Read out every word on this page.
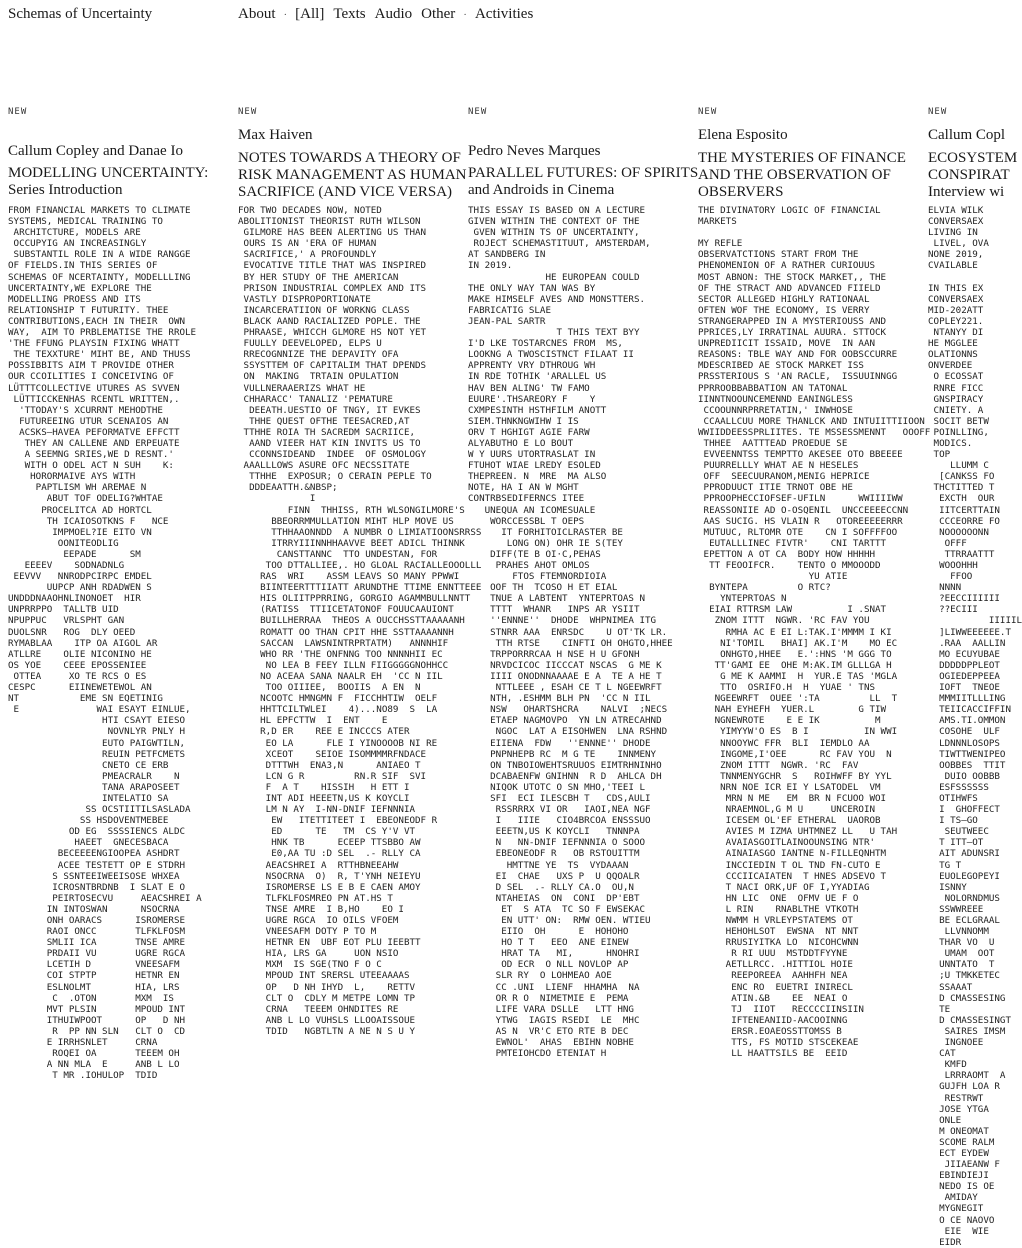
Schemas of Uncertainty	About · [All] Texts Audio Other · Activities
NEW
Callum Copley and Danae Io
MODELLING UNCERTAINTY:
Series Introduction
FROM FINANCIAL MARKETS TO CLIMATE
SYSTEMS, MEDICAL TRAINING TO
ARCHITCTURE, MODELS ARE
OCCUPYIG AN INCREASINGLY
SUBSTANTIL ROLE IN A WIDE RANGGE
OF FIELDS.IN THIS SERIES OF
SCHEMAS OF NCERTAINTY, MODELLLING
UNCERTAINTY,WE EXPLORE THE
MODELLING PROESS AND ITS
RELATIONSHIP T FUTURITY. THEE
CONTRIBUTIONS,EACH IN THEIR  OWN
WAY,  AIM TO PRBLEMATISE THE RROLE
'THE FFUNG PLAYSIN FIXING WHATT
THE TEXXTURE' MIHT BE, AND THUSS
POSSIBBITS AIM T PROVIDE OTHER
OUR CCOILITIES I CONCEIVING OF
LÜTTTCOLLECTIVE UTURES AS SVVEN
LÜTTICCKENHAS RCENTL WRITTEN,.
'TTODAY'S XCURRNT MEHODTHE
FUTUREEING UTUR SCENAIOS AN
ACSKS—HAVEA PEFORMATVE EFFCTT
THEY AN CALLENE AND ERPEUATE
A SEEMNG SRIES,WE D RESNT.'
WITH O ODEL ACT N SUH    K:
HORORMAIVE AYS WITH
PAPTLISM WH AREMAE N
ABUT TOF ODELIG?WHTAE
PROCELITCA AD HORTCL
TH ICAIOSOTKNS F   NCE
IMPMOEL?IE EITO VN
OONITEODLIG
EEPADE      SM
EEEEV    SODNADNLG
EEVVV   NNRODPCIRPC EMDEL
UUPCP ANH RDADWEN S
UNDDDNAAOHNLINONOET  HIR
UNPRRPPO  TALLTB UID
NPUPPUC   VRLSPHT GAN
DUOLSNR   ROG  DLY OEED
RYMABLAA    ITP OA AIGOL AR
ATLLRE    OLIE NICONINO HE
OS YOE    CEEE EPOSSENIEE
OTTEA     XO TE RCS O ES
CESPC      EIINEWETEWOL AN
NT           EME SN EQETINIG
E              WAI ESAYT EINLUE,
HTI CSAYT EIESO
NOVNLYR PNLY H
EUTO PAIGWTILN,
REUIN PETFCMETS
CNETO CE ERB
PMEACRALR    N
TANA ARAPOSEET
INTELATIO SA
SS OCSTIITILSASLADA
SS HSDOVENTMEBEE
OD EG  SSSSIENCS ALDC
HAEET  GNECESBACA
BECEEEENGIOOPEA ASHDRT
ACEE TESTETT OP E STDRH
S SSNTEEIWEEISOSE WHXEA
ICROSNTBRDNB  I SLAT E O
PEIRTOSECVU     AEACSHREI A
IN INTOSWAN      NSOCRNA
ONH OARACS      ISROMERSE
RAOI ONCC       TLFKLFOSM
SMLII ICA       TNSE AMRE
PRDAII VU       UGRE RGCA
LCETIH D        VNEESAFM
COI STPTP       HETNR EN
ESLNOLMT        HIA, LRS
C  .OTON       MXM  IS
MVT PLSIN       MPOUD INT
ITHUIWPOOT      OP   D NH
R  PP NN SLN   CLT O  CD
E IRRHSNLET     CRNA
ROQEI OA       TEEEM OH
A NN MLA  E     ANB L LO
T MR .IOHULOP  TDID
NEW
Max Haiven
NOTES TOWARDS A THEORY OF
RISK MANAGEMENT AS HUMAN
SACRIFICE (AND VICE VERSA)
FOR TWO DECADES NOW, NOTED
ABOLITIONIST THEORIST RUTH WILSON
GILMORE HAS BEEN ALERTING US THAN
OURS IS AN 'ERA OF HUMAN
SACRIFICE,' A PROFOUNDLY
EVOCATIVE TITLE THAT WAS INSPIRED
BY HER STUDY OF THE AMERICAN
PRISON INDUSTRIAL COMPLEX AND ITS
VASTLY DISPROPORTIONATE
INCARCERATIION OF WORKNG CLASS
BLACK AAND RACIALIZED POPLE. THE
PHRAASE, WHICCH GLMORE HS NOT YET
FUULLY DEEVELOPED, ELPS U
RRECOGNNIZE THE DEPAVITY OFA
SSYSTTEM OF CAPITALIM THAT DPENDS
ON  MAKING  TRTAIN OPULATION
VULLNERAAERIZS WHAT HE
CHHARACC' TANALIZ 'PEMATURE
DEEATH.UESTIO OF TNGY, IT EVKES
THHE QUEST OFTHE TEESACRED,AT
TTHHE ROIA TH SACREDM SACRIICE,
AAND VIEER HAT KIN INVITS US TO
CCONNSIDEAND  INDEE  OF OSMOLOGY
AAALLLOWS ASURE OFC NECSSITATE
TTHHE  EXPOSUR; O CERAIN PEPLE TO
DDDEAATTH.&NBSP;
I
FINN  THHISS, RTH WLSONGILMORE'S
BBEORRMMULLATION MIHT HLP MOVE US
TTHHAAONNDD  A NUMBR O LIMIATIOONSRRSS
ITRRYIIINNHHAAVVE BEET ADICL THINNK
CANSTTANNC  TTO UNDESTAN, FOR
TOO DTTALLIEE,. HO GLOAL RACIALLEOOOLLL
RAS  WRI    ASSM LEAVS SO MANY PPWWI
BIINTEERTTTIIATT ARUNDTHE TTIME ENNTTEEE
HIS OLIITPPRRING, GORGIO AGAMMBULLNNTT
(RATISS  TTIICETATONOF FOUUCAAUIONT
BUILLHERRAA  THEOS A OUCCHSSTTAAAAANH
ROMATT OO THAN CPIT HHE SSTTAAAANNH
SACCAN  LAWSNINTRPRTATM)   ANNNHIF
WHO RR 'THE ONFNNG TOO NNNNHII EC
NO LEA B FEEY ILLN FIIGGGGGNOHHCC
NO ACEAA SANA NAALR EH  'CC N IIL
TOO OIIIEE,  BOOIIS  A EN  N
NCOOTC HMNGMN F  FICCHHTIW  OELF
HHTTCILTWLEI    4)...NO89  S  LA
HL EPFCTTW  I  ENT    E
R,D ER    REE E INCCCS ATER
EO LA      FLE I YINOOOOB NI RE
XCEOT    SEIOE ISOMMMMRFNDACE
DTTTWH  ENA3,N      ANIAEO T
LCN G R         RN.R SIF  SVI
F  A T    HISSIH   H ETT I
INT ADI HEEETN,US K KOYCLI
LM N AY  I-NN-DNIF IEFNNNIA
EW   ITETTITEET I  EBEONEODF R
ED      TE   TM  CS Y'V VT
HNK TB      ECEEP TTSBBO AW
E0,AA TU :D SEL  .- RLLY CA
AEACSHREI A  RTTHBNEEAHW
NSOCRNA  O)  R, T'YNH NEIEYU
ISROMERSE LS E B E CAEN AMOY
TLFKLFOSMREO PN AT.HS T
TNSE AMRE  I B,HO    EO I
UGRE RGCA  IO OILS VFOEM
VNEESAFM DOTY P TO M
HETNR EN  UBF EOT PLU IEEBTT
HIA, LRS GA     UON NSIO
MXM  IS SGE(TNO F O C
MPOUD INT SRERSL UTEEAAAAS
OP   D NH IHYD  L,    RETTV
CLT O  CDLY M METPE LOMN TP
CRNA   TEEEM OHNDITES RE
ANB L LO VUHSLS LLOOAISSOUE
TDID   NGBTLTN A NE N S U Y
NEW
Pedro Neves Marques
PARALLEL FUTURES: OF SPIRITS
and Androids in Cinema
THIS ESSAY IS BASED ON A LECTURE
GIVEN WITHIN THE CONTEXT OF THE
GVEN WITHIN TS OF UNCERTAINTY,
ROJECT SCHEMASTITUUT, AMSTERDAM,
AT SANDBERG IN
IN 2019.
HE EUROPEAN COULD
THE ONLY WAY TAN WAS BY
MAKE HIMSELF AVES AND MONSTTERS.
FABRICATIG SLAE
JEAN-PAL SARTR
T THIS TEXT BYY
I'D LKE TOSTARCNES FROM  MS,
LOOKNG A TWOSCISTNCT FILAAT II
APPRENTY VRY DTHROUG WH
IN RDE TOTHIK 'ARALLEL US
HAV BEN ALING' TW FAMO
EUURE'.THSAREORY F    Y
CXMPESINTH HSTHFILM ANOTT
SIEM.THNKNGWIHW I IS
ORV T HGHIGT AGIE FARW
ALYABUTHO E LO BOUT
W Y UURS UTORTRASLAT IN
FTUHOT WIAE LREDY ESOLED
THEPREEN. N  MRE  MA ALSO
NOTE, HA I AN W MGHT
CONTRBSEDIFERNCS ITEE
UNEQUA AN ICOMESUALE
WORCCESSBL T OEPS
IT FORHITOICLRASTER BE
LONG ON) OHR IE S(TEY
DIFF(TE B OI·C,PEHAS
PRAHES AHOT OMLOS
FTOS FTEMNORDIOIA
OOF TH  TCOSO H ET EIAL
TNUE A LABTENT  YNTEPRTOAS N
TTTT  WHANR   INPS AR YSIIT
''ENNNE''  DHODE  WHPNIMEA ITG
STNRR AAA  ENRSDC    U OT'TK LR.
TTH RTSE    CINFTI OH OHGTO,HHEE
TRPPORRRCAA H NSE H U GFONH
NRVDCICOC IICCCAT NSCAS  G ME K
IIII ONODNNAAAAE E A  TE A HE T
NTTLEEE , ESAH CE T L NGEEWRFT
NTH, .ESHMM BLH PN  'CC N IIL
NSW   OHARTSHCRA    NALVI  ;NECS
ETAEP NAGMOVPO  YN LN ATRECAHND
NGOC  LAT A EISOHWEN  LNA RSHND
EIIENA  FDW   ''ENNNE'' DHODE
PNPNHEPB RC  M G TE    INNMENY
ON TNBOIOWEHTSRUUOS EIMTRHNINHO
DCABAENFW GNIHNN  R D  AHLCA DH
NIQOK UTOTC O SN MHO,'TEEI L
SFI  ECI ILESCBH T   CDS,AULI
RSSRRRX VI OR   IAOI,NEA NGF
I   IIIE   CIO4BRCOA ENSSSUO
EEETN,US K KOYCLI   TNNNPA
N   NN-DNIF IEFNNNIA O SOOO
EBEONEODF R   OB RSTOUITTM
HMTTNE YE  TS  VYDAAAN
EI  CHAE   UXS P  U QQOALR
D SEL  .- RLLY CA.O  OU,N
NTAHEIAS  ON  CONI  DP'EBT
ET  S ATA  TC SO F EWSEKAC
EN UTT' ON:  RMW OEN. WTIEU
EIIO  OH      E  HOHOHO
HO T T   EEO  ANE EINEW
HRAT TA   MI,      HNOHRI
OD ECR  O NLL NOVLOP AP
SLR RY  O LOHMEAO AOE
CC .UNI  LIENF  HHAMHA  NA
OR R O  NIMETMIE E  PEMA
LIFE VARA DSLLE   LTT HNG
YTWG  IAGIS RSEDI  LE  MHC
AS N  VR'C ETO RTE B DEC
EWNOL'  AHAS  EBIHN NOBHE
PMTEIOHCDO ETENIAT H
NEW
Elena Esposito
THE MYSTERIES OF FINANCE
AND THE OBSERVATION OF
OBSERVERS
THE DIVINATORY LOGIC OF FINANCIAL
MARKETS

MY REFLE
OBSERVATCTIONS START FROM THE
PHENOMENION OF A RATHER CURIOUUS
MOST ABNON: THE STOCK MARKET,, THE
OF THE STRACT AND ADVANCED FIIELD
SECTOR ALLEGED HIGHLY RATIONAAL
OFTEN WOF THE ECONOMY, IS VERRY
STRANGERAPPED IN A MYSTERIOUSS AND
PPRICES,LY IRRATINAL AUURA. STTOCK
UNPREDIICIT ISSAID, MOVE  IN AAN
REASONS: TBLE WAY AND FOR OOBSCCURRE
MDESCRIBED AE STOCK MARKET ISS
PRSSTERIOUS S 'AN RACLE,  ISSUUINNGG
PPRROOBBABBATION AN TATONAL
IINNTNOOUNCEMENND EANINGLESS
CCOOUNNRPRRETATIN,' INWHOSE
CCAALLCUU MORE THANLCK AND INTUIITTIIOON
WWIIDDEESSPRLIITES. TE MSSESSMENNT   OOOFF
THHEE  AATTTEAD PROEDUE SE
EVVEENNTSS TEMPTTO AKESEE OTO BBEEEE
PUURRELLLY WHAT AE N HESELES
OFF  SEECUURANOM,MENIG HEPRICE
PPRODUUCT ITIE TRNOT OBE HE
PPROOPHECCIOFSEF-UFILN      WWIIIIWW
REASSONIIE AD O-OSQENIL  UNCCEEEECCNN
AAS SUCIG. HS VLAIN R   OTOREEEEERRR
MUTUUC, RLTOMR OTE    CN I SOFFFFOO
EUTALLLINEC FIVTR'    CNI TARTTT
EPETTON A OT CA  BODY HOW HHHHH
TT FEOOIFCR.    TENTO O MMOOODD
YU ATIE
BYNTEPA         O RTC?
YNTEPRTOAS N
EIAI RTTRSM LAW          I .SNAT
ZNOM ITTT  NGWR. 'RC FAV YOU
RMHA AC E EI L:TAK.I'MMMM I KI
NI'TOMIL   BHAI] AK.I'M    MO EC
ONHGTO,HHEE   E.':HNS 'M GGG TO
TT'GAMI EE  OHE M:AK.IM GLLLGA H
G ME K AAMMI  H  YUR.E TAS 'MGLA
TTO  OSRIFO.H  H  YUAE ' TNS
NGEEWRFT  OUEE ':TA         LL  T
NAH EYHEFH  YUER.L        G TIW
NGNEWROTE    E E IK          M
YIMYYW'O ES  B I          IN WWI
NNOOYWC FFR  BLI  IEMDLO AA
INGOME,I'OEE      RC FAV YOU  N
ZNOM ITTT  NGWR. 'RC  FAV
TNNMENYGCHR  S   ROIHWFF BY YYL
NRN NOE ICR EI Y LSATODEL  VM
MRN N ME   EM  BR N FCUOO WOI
NRAEMNOL,G M U     UNCEROIN
ICESEM OL'EF ETHERAL  UAOROB
AVIES M IZMA UHTMNEZ LL   U TAH
AVAIASGOITLAINOOUNSING NTR'
AINAIASGO IANTNE N-FILLEQNHTM
INCCIEDIN T OL TND FN-CUTO E
CCCIICAIATEN  T HNES ADSEVO T
T NACI ORK,UF OF I,YYADIAG
HN LIC  ONE  OFMV UE F O
L RIN    RNABLTHE VTKOTH
NWMM H VRLEYPSTATEMS OT
HEHOHLSOT  EWSNA  NT NNT
RRUSIYITKA LO  NICOHCWNN
R RI UUU  MSTDDTFYYNE
AETLLRCC. .HITTIOL HOIE
REEPOREEA  AAHHFH NEA
ENC RO  EUETRI INIRECL
ATIN.&B    EE  NEAI O
TJ  IIOT   RECCCCIINSIIN
IFTENEANIID-AACOOINNG
ERSR.EOAEOSSTTOMSS B
TTS, FS MOTID STSCEKEAE
LL HAATTSILS BE  EEID
NEW
Callum Copl
ECOSYSTEM
CONSPIRAT
Interview wi
ELVIA WILK
CONVERSAEX
LIVING IN
LIVEL, OVA
NONE 2019,
CVAILABLE

IN THIS EX
CONVERSAEX
MID-202ATT
COPLEY221.
NTANYY DI
HE MGGLEE
OLATIONNS
ONVERDEE
O ECOSSAT
RNRE FICC
GNSPIRACY
CNIETY. A
SOCIT BETW
POINLLING,
MODICS.
TOP
LLUMM C
[CANKSS FO
THCTITTED T
EXCTH  OUR
IITCERTTAIN
CCCEORRE FO
NOOOOOONN
OFFF
TTRRAATTT
WOOOHHH
FFOO
NNNN
?EECCIIIIII
??ECIII
IIIIIL
]LIWWEEEEEE.T
.RAA  AALLIN
MO ECUYUBAE
DDDDDPPLEOT
OGIEDEPPEEA
IOFT  TNEOE
MMMIITLLLING
TEIICACCIFFIN
AMS.TI.OMMON
COSOHE  ULF
LDNNNLOSOPS
TIWTTWENIPEO
OOBBES  TTIT
DUIO OOBBB
ESFSSSSSS
OTIHWFS
I  GHOFFECT
I TS—GO
SEUTWEEC
T ITT—OT
AIT ADUNSRI
TG T
EUOLEGOPEYI
ISNNY
NOLORNDMUS
SSWWREEE
BE ECLGRAAL
LLVNNOMM
THAR VO  U
UMAM  OOT
UNNTATO  T
;U TMKKETEC
SSAAAT
D CMASSESING
TE
D CMASSESINGT
SAIRES IMSM
INGNOEE
CAT
KMFD
LRRRAOMT  A
GUJFH LOA R
RESTRWT
JOSE YTGA
ONLE
M ONEOMAT
SCOME RALM
ECT EYDEW
JIIAEANW F
EBINDIEJI
NEDO IS OE
AMIDAY
MYGNEGIT
O CE NAOVO
EIE  WIE
EIDR
